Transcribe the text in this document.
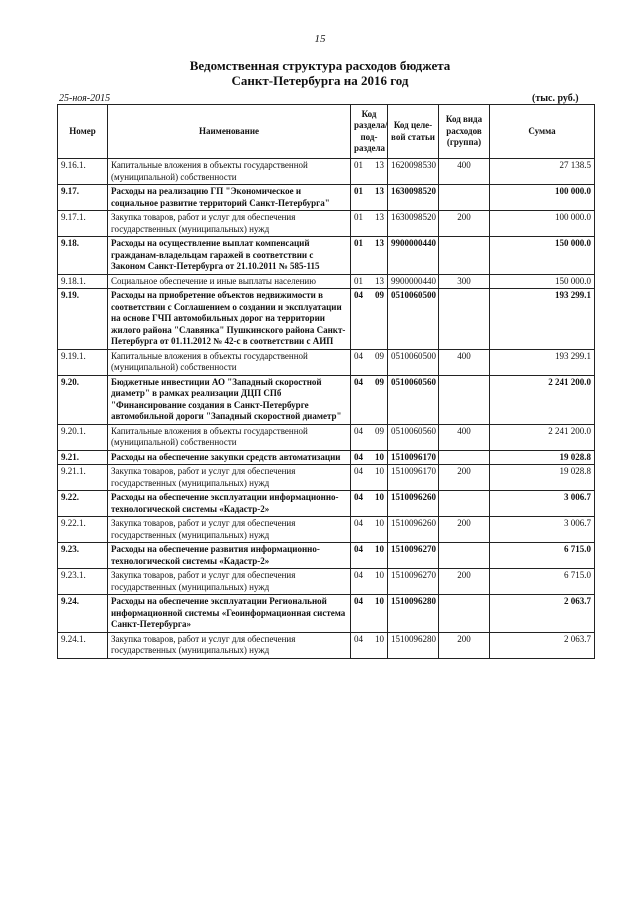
15
Ведомственная структура расходов бюджета
Санкт-Петербурга на 2016 год
25-ноя-2015	(тыс. руб.)
Номер	Наименование	Код раздела/ под- раздела		Код целе- вой статьи	Код вида расходов (группа)	Сумма
9.16.1.	Капитальные вложения в объекты государственной (муниципальной) собственности	01	13	1620098530	400	27 138.5
9.17.	Расходы на реализацию ГП "Экономическое и социальное развитие территорий Санкт-Петербурга"	01	13	1630098520		100 000.0
9.17.1.	Закупка товаров, работ и услуг для обеспечения государственных (муниципальных) нужд	01	13	1630098520	200	100 000.0
9.18.	Расходы на осуществление выплат компенсаций гражданам-владельцам гаражей в соответствии с Законом Санкт-Петербурга от 21.10.2011 № 585-115	01	13	9900000440		150 000.0
9.18.1.	Социальное обеспечение и иные выплаты населению	01	13	9900000440	300	150 000.0
9.19.	Расходы на приобретение объектов недвижимости в соответствии с Соглашением о создании и эксплуатации на основе ГЧП автомобильных дорог на территории жилого района "Славянка" Пушкинского района Санкт-Петербурга от 01.11.2012 № 42-с в соответствии с АИП	04	09	0510060500		193 299.1
9.19.1.	Капитальные вложения в объекты государственной (муниципальной) собственности	04	09	0510060500	400	193 299.1
9.20.	Бюджетные инвестиции АО "Западный скоростной диаметр" в рамках реализации ДЦП СПб "Финансирование создания в Санкт-Петербурге автомобильной дороги "Западный скоростной диаметр"	04	09	0510060560		2 241 200.0
9.20.1.	Капитальные вложения в объекты государственной (муниципальной) собственности	04	09	0510060560	400	2 241 200.0
9.21.	Расходы на обеспечение закупки средств автоматизации	04	10	1510096170		19 028.8
9.21.1.	Закупка товаров, работ и услуг для обеспечения государственных (муниципальных) нужд	04	10	1510096170	200	19 028.8
9.22.	Расходы на обеспечение эксплуатации информационно-технологической системы «Кадастр-2»	04	10	1510096260		3 006.7
9.22.1.	Закупка товаров, работ и услуг для обеспечения государственных (муниципальных) нужд	04	10	1510096260	200	3 006.7
9.23.	Расходы на обеспечение развития информационно-технологической системы «Кадастр-2»	04	10	1510096270		6 715.0
9.23.1.	Закупка товаров, работ и услуг для обеспечения государственных (муниципальных) нужд	04	10	1510096270	200	6 715.0
9.24.	Расходы на обеспечение эксплуатации Региональной информационной системы «Геоинформационная система Санкт-Петербурга»	04	10	1510096280		2 063.7
9.24.1.	Закупка товаров, работ и услуг для обеспечения государственных (муниципальных) нужд	04	10	1510096280	200	2 063.7
